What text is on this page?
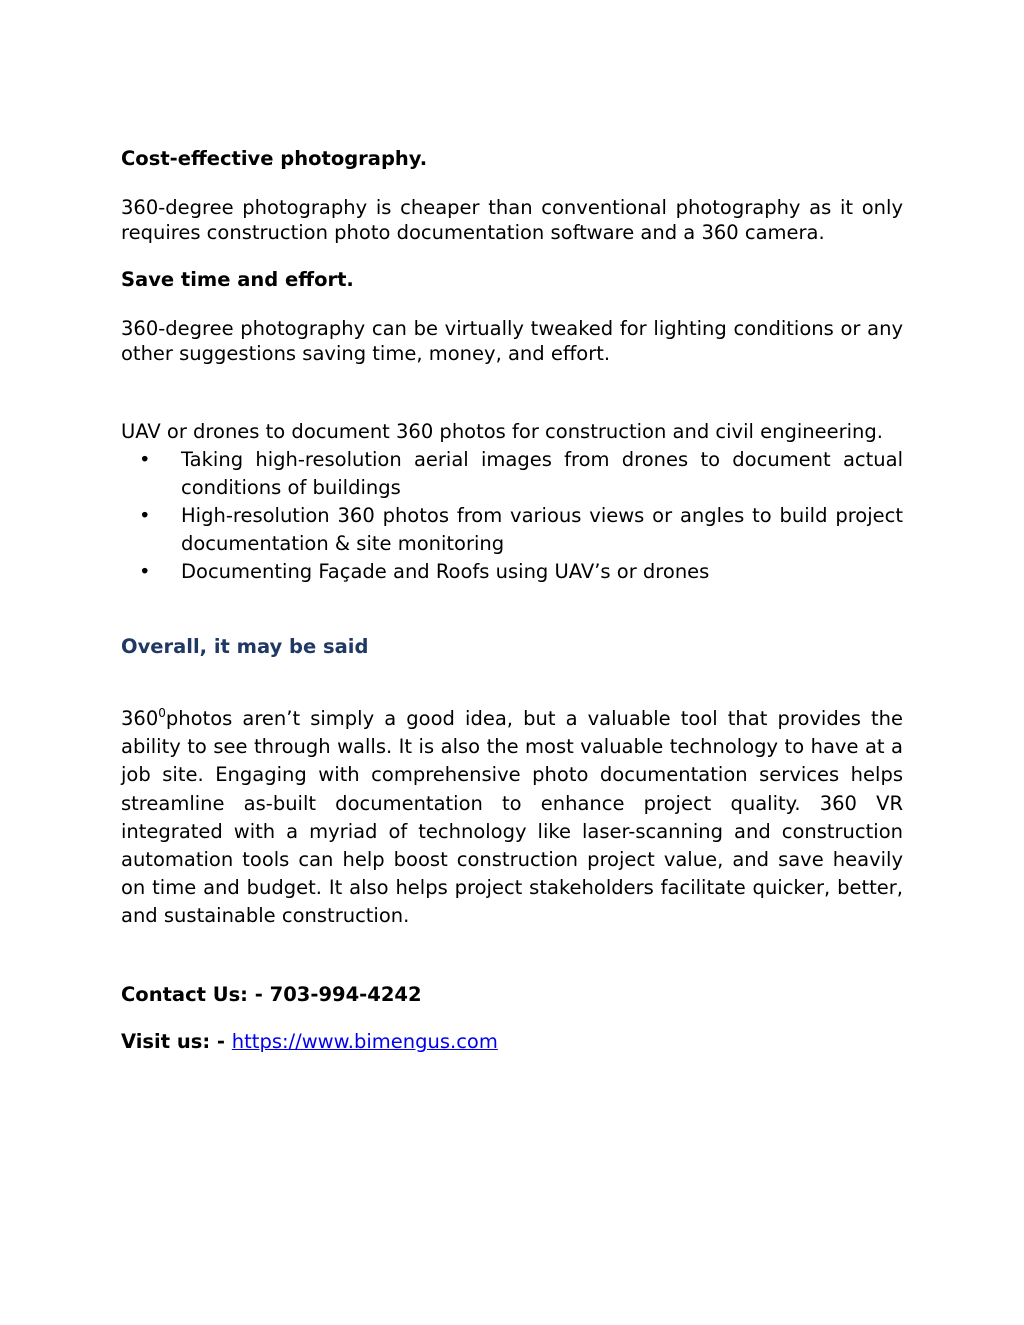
Cost-effective photography.

360-degree photography is cheaper than conventional photography as it only requires construction photo documentation software and a 360 camera.

Save time and effort.

360-degree photography can be virtually tweaked for lighting conditions or any other suggestions saving time, money, and effort.

UAV or drones to document 360 photos for construction and civil engineering.

• Taking high-resolution aerial images from drones to document actual conditions of buildings
• High-resolution 360 photos from various views or angles to build project documentation & site monitoring
• Documenting Façade and Roofs using UAV’s or drones

Overall, it may be said

$360^0photos$ aren’t simply a good idea, but a valuable tool that provides the ability to see through walls. It is also the most valuable technology to have at a job site. Engaging with comprehensive photo documentation services helps streamline as-built documentation to enhance project quality. 360 VR integrated with a myriad of technology like laser-scanning and construction automation tools can help boost construction project value, and save heavily on time and budget. It also helps project stakeholders facilitate quicker, better, and sustainable construction.

Contact Us: - 703-994-4242

Visit us: - https://www.bimengus.com
